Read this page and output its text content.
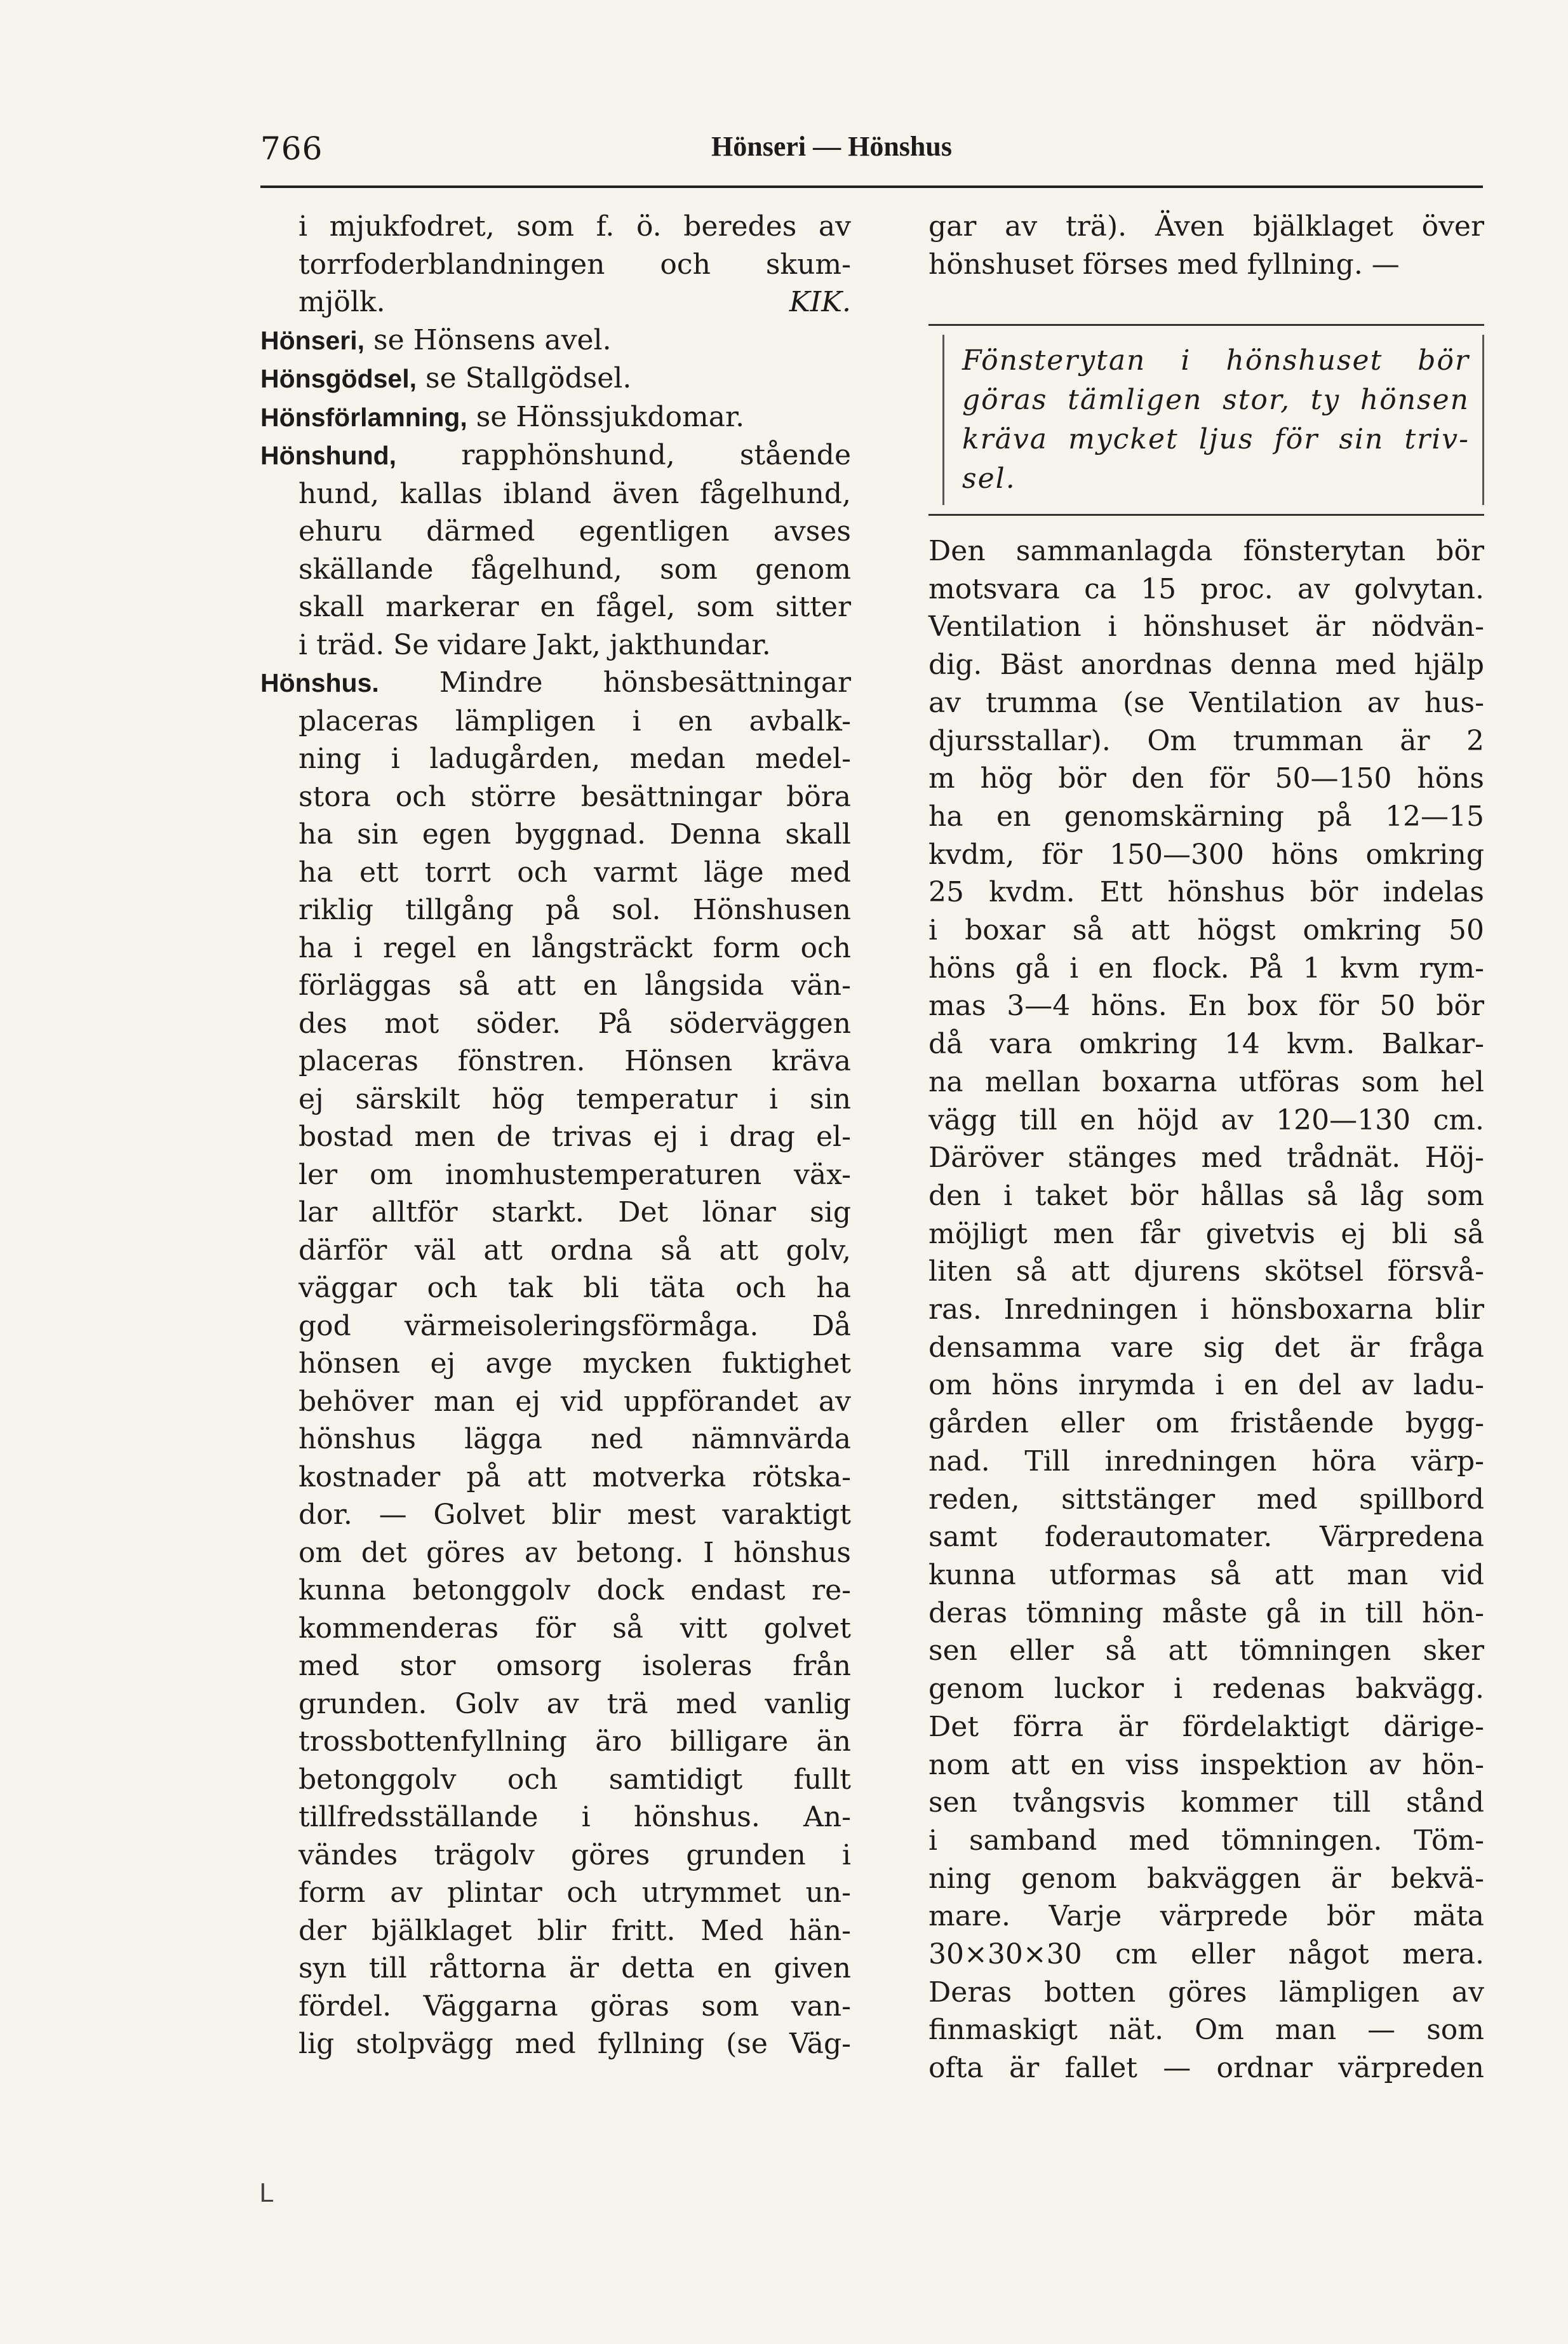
766	Hönseri — Hönshus
i mjukfodret, som f. ö. beredes av
torrfoderblandningen och skum-
mjölk.	KIK.
Hönseri, se Hönsens avel.
Hönsgödsel, se Stallgödsel.
Hönsförlamning, se Hönssjukdomar.
Hönshund, rapphönshund, stående
hund, kallas ibland även fågelhund,
ehuru därmed egentligen avses
skällande fågelhund, som genom
skall markerar en fågel, som sitter
i träd. Se vidare Jakt, jakthundar.
Hönshus. Mindre hönsbesättningar
placeras lämpligen i en avbalk-
ning i ladugården, medan medel-
stora och större besättningar böra
ha sin egen byggnad. Denna skall
ha ett torrt och varmt läge med
riklig tillgång på sol. Hönshusen
ha i regel en långsträckt form och
förläggas så att en långsida vän-
des mot söder. På söderväggen
placeras fönstren. Hönsen kräva
ej särskilt hög temperatur i sin
bostad men de trivas ej i drag el-
ler om inomhustemperaturen väx-
lar alltför starkt. Det lönar sig
därför väl att ordna så att golv,
väggar och tak bli täta och ha
god värmeisoleringsförmåga. Då
hönsen ej avge mycken fuktighet
behöver man ej vid uppförandet av
hönshus lägga ned nämnvärda
kostnader på att motverka rötska-
dor. — Golvet blir mest varaktigt
om det göres av betong. I hönshus
kunna betonggolv dock endast re-
kommenderas för så vitt golvet
med stor omsorg isoleras från
grunden. Golv av trä med vanlig
trossbottenfyllning äro billigare än
betonggolv och samtidigt fullt
tillfredsställande i hönshus. An-
vändes trägolv göres grunden i
form av plintar och utrymmet un-
der bjälklaget blir fritt. Med hän-
syn till råttorna är detta en given
fördel. Väggarna göras som van-
lig stolpvägg med fyllning (se Väg-
gar av trä). Även bjälklaget över
hönshuset förses med fyllning. —
Fönsterytan i hönshuset bör
göras tämligen stor, ty hönsen
kräva mycket ljus för sin triv-
sel.
Den sammanlagda fönsterytan bör
motsvara ca 15 proc. av golvytan.
Ventilation i hönshuset är nödvän-
dig. Bäst anordnas denna med hjälp
av trumma (se Ventilation av hus-
djursstallar). Om trumman är 2
m hög bör den för 50—150 höns
ha en genomskärning på 12—15
kvdm, för 150—300 höns omkring
25 kvdm. Ett hönshus bör indelas
i boxar så att högst omkring 50
höns gå i en flock. På 1 kvm rym-
mas 3—4 höns. En box för 50 bör
då vara omkring 14 kvm. Balkar-
na mellan boxarna utföras som hel
vägg till en höjd av 120—130 cm.
Däröver stänges med trådnät. Höj-
den i taket bör hållas så låg som
möjligt men får givetvis ej bli så
liten så att djurens skötsel försvå-
ras. Inredningen i hönsboxarna blir
densamma vare sig det är fråga
om höns inrymda i en del av ladu-
gården eller om fristående bygg-
nad. Till inredningen höra värp-
reden, sittstänger med spillbord
samt foderautomater. Värpredena
kunna utformas så att man vid
deras tömning måste gå in till hön-
sen eller så att tömningen sker
genom luckor i redenas bakvägg.
Det förra är fördelaktigt därige-
nom att en viss inspektion av hön-
sen tvångsvis kommer till stånd
i samband med tömningen. Töm-
ning genom bakväggen är bekvä-
mare. Varje värprede bör mäta
30×30×30 cm eller något mera.
Deras botten göres lämpligen av
finmaskigt nät. Om man — som
ofta är fallet — ordnar värpreden
ᒪ
